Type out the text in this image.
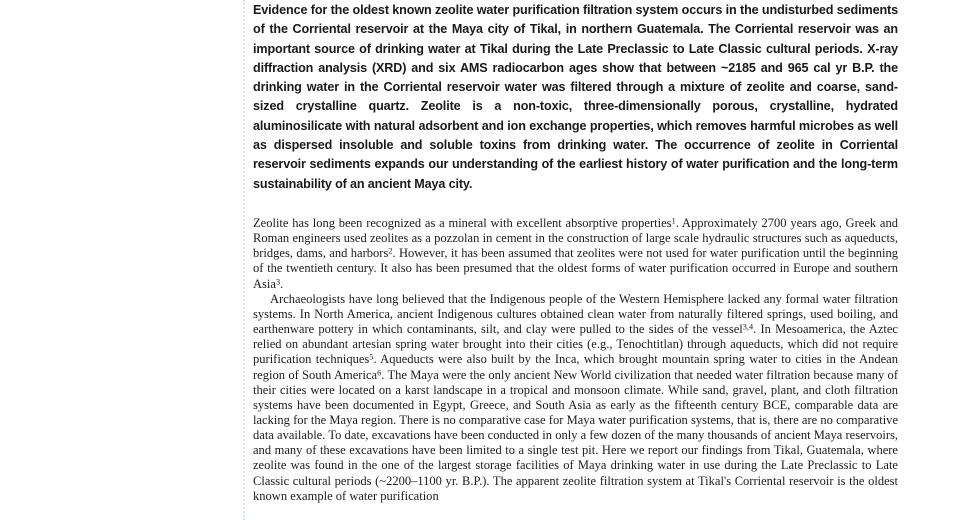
Evidence for the oldest known zeolite water purification filtration system occurs in the undisturbed sediments of the Corriental reservoir at the Maya city of Tikal, in northern Guatemala. The Corriental reservoir was an important source of drinking water at Tikal during the Late Preclassic to Late Classic cultural periods. X-ray diffraction analysis (XRD) and six AMS radiocarbon ages show that between ~2185 and 965 cal yr B.P. the drinking water in the Corriental reservoir water was filtered through a mixture of zeolite and coarse, sand-sized crystalline quartz. Zeolite is a non-toxic, three-dimensionally porous, crystalline, hydrated aluminosilicate with natural adsorbent and ion exchange properties, which removes harmful microbes as well as dispersed insoluble and soluble toxins from drinking water. The occurrence of zeolite in Corriental reservoir sediments expands our understanding of the earliest history of water purification and the long-term sustainability of an ancient Maya city.

Zeolite has long been recognized as a mineral with excellent absorptive properties$^1$. Approximately 2700 years ago, Greek and Roman engineers used zeolites as a pozzolan in cement in the construction of large scale hydraulic structures such as aqueducts, bridges, dams, and harbors$^2$. However, it has been assumed that zeolites were not used for water purification until the beginning of the twentieth century. It also has been presumed that the oldest forms of water purification occurred in Europe and southern Asia$^3$.

Archaeologists have long believed that the Indigenous people of the Western Hemisphere lacked any formal water filtration systems. In North America, ancient Indigenous cultures obtained clean water from naturally filtered springs, used boiling, and earthenware pottery in which contaminants, silt, and clay were pulled to the sides of the vessel$^{3,4}$. In Mesoamerica, the Aztec relied on abundant artesian spring water brought into their cities (e.g., Tenochtitlan) through aqueducts, which did not require purification techniques$^5$. Aqueducts were also built by the Inca, which brought mountain spring water to cities in the Andean region of South America$^6$. The Maya were the only ancient New World civilization that needed water filtration because many of their cities were located on a karst landscape in a tropical and monsoon climate. While sand, gravel, plant, and cloth filtration systems have been documented in Egypt, Greece, and South Asia as early as the fifteenth century BCE, comparable data are lacking for the Maya region. There is no comparative case for Maya water purification systems, that is, there are no comparative data available. To date, excavations have been conducted in only a few dozen of the many thousands of ancient Maya reservoirs, and many of these excavations have been limited to a single test pit. Here we report our findings from Tikal, Guatemala, where zeolite was found in the one of the largest storage facilities of Maya drinking water in use during the Late Preclassic to Late Classic cultural periods (~2200–1100 yr. B.P.). The apparent zeolite filtration system at Tikal's Corriental reservoir is the oldest known example of water purification
